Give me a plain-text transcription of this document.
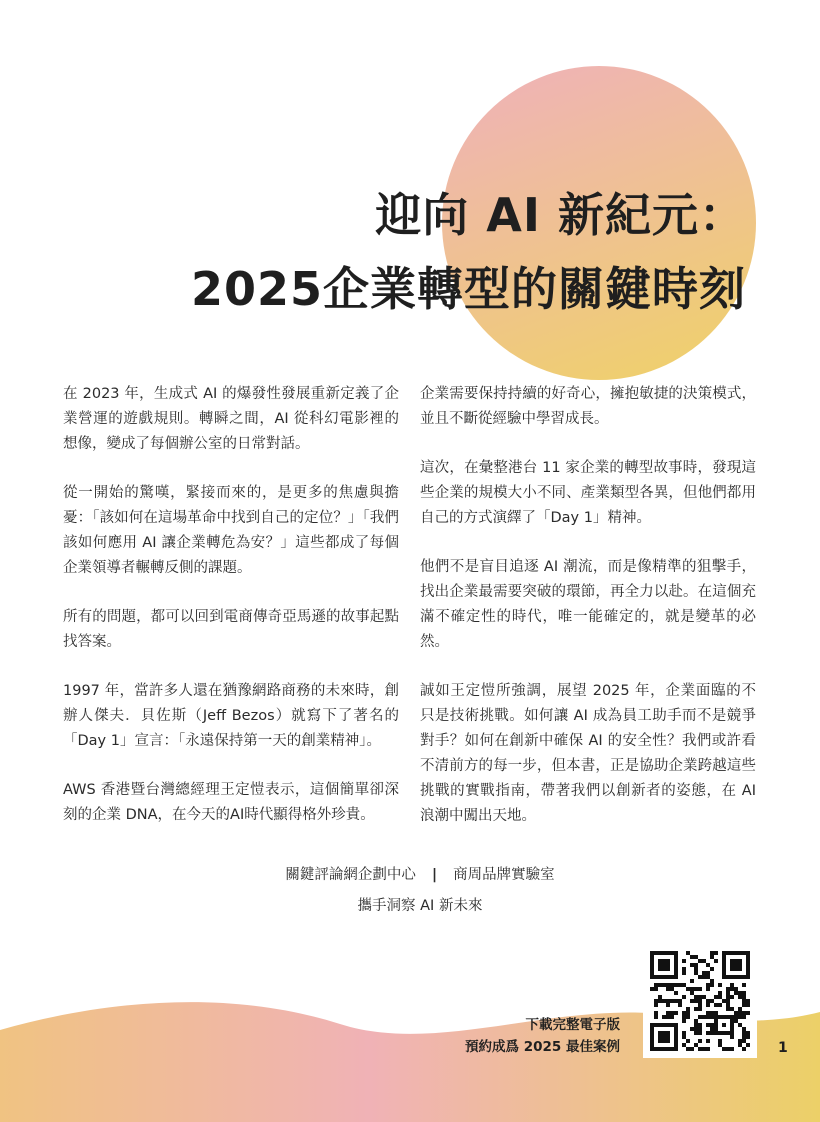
迎向 AI 新紀元：
2025企業轉型的關鍵時刻

在 2023 年，生成式 AI 的爆發性發展重新定義了企業營運的遊戲規則。轉瞬之間，AI 從科幻電影裡的想像，變成了每個辦公室的日常對話。

從一開始的驚嘆，緊接而來的，是更多的焦慮與擔憂：「該如何在這場革命中找到自己的定位？」「我們該如何應用 AI 讓企業轉危為安？」這些都成了每個企業領導者輾轉反側的課題。

所有的問題，都可以回到電商傳奇亞馬遜的故事起點找答案。

1997 年，當許多人還在猶豫網路商務的未來時，創辦人傑夫．貝佐斯（Jeff Bezos）就寫下了著名的「Day 1」宣言：「永遠保持第一天的創業精神」。

AWS 香港暨台灣總經理王定愷表示，這個簡單卻深刻的企業 DNA，在今天的AI時代顯得格外珍貴。

企業需要保持持續的好奇心，擁抱敏捷的決策模式，並且不斷從經驗中學習成長。

這次，在彙整港台 11 家企業的轉型故事時，發現這些企業的規模大小不同、產業類型各異，但他們都用自己的方式演繹了「Day 1」精神。

他們不是盲目追逐 AI 潮流，而是像精準的狙擊手，找出企業最需要突破的環節，再全力以赴。在這個充滿不確定性的時代，唯一能確定的，就是變革的必然。

誠如王定愷所強調，展望 2025 年，企業面臨的不只是技術挑戰。如何讓 AI 成為員工助手而不是競爭對手？如何在創新中確保 AI 的安全性？我們或許看不清前方的每一步，但本書，正是協助企業跨越這些挑戰的實戰指南，帶著我們以創新者的姿態，在 AI 浪潮中闖出天地。

關鍵評論網企劃中心 | 商周品牌實驗室
攜手洞察 AI 新未來
下載完整電子版
預約成爲 2025 最佳案例	1
